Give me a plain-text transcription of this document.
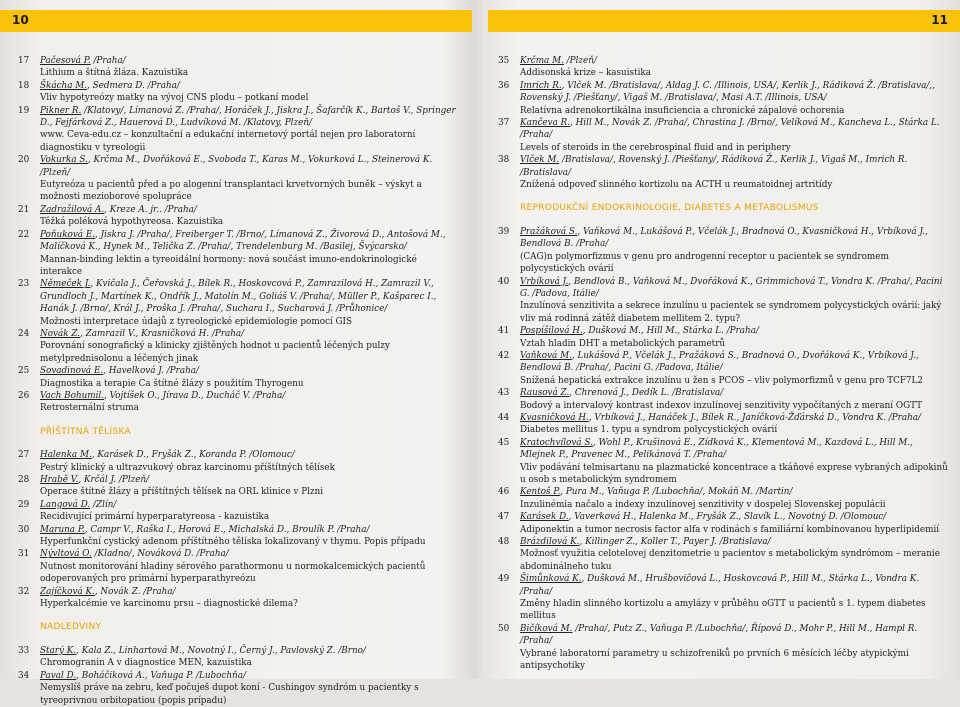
10	11
17	Pačesová P. /Praha/
Lithium a štítná žláza. Kazuistika
18	Škácha M., Sedmera D. /Praha/
Vliv hypotyreózy matky na vývoj CNS plodu – potkaní model
19	Pikner R. /Klatovy/, Límanová Z. /Praha/, Horáček J., Jiskra J., Šafarčík K., Bartoš V., Springer D., Fejfárková Z., Hauerová D., Ludvíková M. /Klatovy, Plzeň/
www. Ceva-edu.cz – konzultační a edukační internetový portál nejen pro laboratorní diagnostiku v tyreologii
20	Vokurka S., Krčma M., Dvořáková E., Svoboda T., Karas M., Vokurková L., Steinerová K. /Plzeň/
Eutyreóza u pacientů před a po alogenní transplantaci krvetvorných buněk – výskyt a možnosti mezioborové spolupráce
21	Zadražilová A., Kreze A. jr.. /Praha/
Těžká poléková hypothyreosa. Kazuistika
22	Poňuková E., Jiskra J. /Praha/, Freiberger T. /Brno/, Límanová Z., Živorová D., Antošová M., Malíčková K., Hynek M., Telička Z. /Praha/, Trendelenburg M. /Basilej, Švýcarsko/
Mannan-binding lektin a tyreoidální hormony: nová součást imuno-endokrinologické interakce
23	Němeček J., Kvičala J., Čeřovská J., Bílek R., Hoskovcová P., Zamrazilová H., Zamrazil V., Grundloch J., Martínek K., Ondřík J., Matolín M., Goliáš V. /Praha/, Müller P., Kašparec I., Hanák J. /Brno/, Král J., Proška J. /Praha/, Suchara I., Sucharová J. /Průhonice/
Možnosti interpretace údajů z tyreologické epidemiologie pomocí GIS
24	Novák Z., Zamrazil V., Krasničková H. /Praha/
Porovnání sonografický a klinicky zjištěných hodnot u pacientů léčených pulzy metylprednisolonu a léčených jinak
25	Sovadinová E., Havelková J. /Praha/
Diagnostika a terapie Ca štítné žlázy s použitím Thyrogenu
26	Vach Bohumil., Vojtíšek O., Jírava D., Ducháč V. /Praha/
Retrosternální struma
PŘÍŠTÍTNÁ TĚLÍSKA
27	Halenka M., Karásek D., Fryšák Z., Koranda P. /Olomouc/
Pestrý klinický a ultrazvukový obraz karcinomu příštítných tělísek
28	Hrabě V., Krčál J. /Plzeň/
Operace štítné žlázy a příštítných tělísek na ORL klinice v Plzni
29	Langová D. /Zlín/
Recidivující primární hyperparatyreosa - kazuistika
30	Maruna P., Campr V., Raška I., Horová E., Michalská D., Broulík P. /Praha/
Hyperfunkční cystický adenom příštítného tělíska lokalizovaný v thymu. Popis případu
31	Nývltová O. /Kladno/, Nováková D. /Praha/
Nutnost monitorování hladiny sérového parathormonu u normokalcemických pacientů odoperovaných pro primární hyperparathyreózu
32	Zajíčková K., Novák Z. /Praha/
Hyperkalcémie ve karcinomu prsu – diagnostické dilema?
NADLEDVINY
33	Starý K., Kala Z., Linhartová M., Novotný I., Černý J., Pavlovský Z. /Brno/
Chromogranin A v diagnostice MEN, kazuistika
34	Paval D., Boháčiková A., Vaňuga P. /Lubochňa/
Nemyslíš práve na zebru, keď počuješ dupot koní - Cushingov syndróm u pacientky s tyreoprivnou orbitopatiou (popis prípadu)
35	Krčma M. /Plzeň/
Addisonská krize – kasuistika
36	Imrich R., Vlček M. /Bratislava/, Aldag J. C. /Illinois, USA/, Kerlik J., Rádiková Ž. /Bratislava/,, Rovenský J. /Piešťany/, Vigaš M. /Bratislava/, Masi A.T. /Illinois, USA/
Relatívna adrenokortikálna insuficiencia a chronické zápalové ochorenia
37	Kančeva R., Hill M., Novák Z. /Praha/, Chrastina J. /Brno/, Velíková M., Kancheva L., Stárka L. /Praha/
Levels of steroids in the cerebrospinal fluid and in periphery
38	Vlček M. /Bratislava/, Rovenský J. /Piešťany/, Rádiková Ž., Kerlik J., Vigaš M., Imrich R. /Bratislava/
Znížená odpoveď slinného kortizolu na ACTH u reumatoidnej artritídy
REPRODUKČNÍ ENDOKRINOLOGIE, DIABETES A METABOLISMUS
39	Pražáková S., Vaňková M., Lukášová P., Včelák J., Bradnová O., Kvasničková H., Vrbíková J., Bendlová B. /Praha/
(CAG)n polymorfizmus v genu pro androgenní receptor u pacientek se syndromem polycystických ovárií
40	Vrbíková J., Bendlová B., Vaňková M., Dvořáková K., Grimmichová T., Vondra K. /Praha/, Pacini G. /Padova, Itálie/
Inzulínová senzitivita a sekrece inzulínu u pacientek se syndromem polycystických ovárií: jaký vliv má rodinná zátěž diabetem mellitem 2. typu?
41	Pospíšilová H., Dušková M., Hill M., Stárka L. /Praha/
Vztah hladin DHT a metabolických parametrů
42	Vaňková M., Lukášová P., Včelák J., Pražáková S., Bradnová O., Dvořáková K., Vrbíková J., Bendlová B. /Praha/, Pacini G. /Padova, Itálie/
Snížená hepatická extrakce inzulínu u žen s PCOS – vliv polymorfizmů v genu pro TCF7L2
43	Rausová Z., Chrenová J., Dedík L. /Bratislava/
Bodový a intervalový kontrast indexov inzulínovej senzitivity vypočítaných z meraní OGTT
44	Kvasničková H., Vrbíková J., Hanáček J., Bílek R., Janíčková-Žďárská D., Vondra K. /Praha/
Diabetes mellitus 1. typu a syndrom polycystických ovárií
45	Kratochvílová S., Wohl P., Krušinová E., Zídková K., Klementová M., Kazdová L., Hill M., Mlejnek P., Pravenec M., Pelikánová T. /Praha/
Vliv podávání telmisartanu na plazmatické koncentrace a tkáňové exprese vybraných adipokinů u osob s metabolickým syndromem
46	Kentoš P., Pura M., Vaňuga P. /Lubochňa/, Mokáň M. /Martin/
Inzulinémia načalo a indexy inzulínovej senzitivity v dospelej Slovenskej populácii
47	Karásek D., Vaverková H., Halenka M., Fryšák Z., Slavík L., Novotný D. /Olomouc/
Adiponektin a tumor necrosis factor alfa v rodinách s familiární kombinovanou hyperlipidemií
48	Brázdilová K., Killinger Z., Koller T., Payer J. /Bratislava/
Možnosť využitia celotelovej denzitometrie u pacientov s metabolickým syndrómom – meranie abdominálneho tuku
49	Šimůnková K., Dušková M., Hrušbovičová L., Hoskovcová P., Hill M., Stárka L., Vondra K. /Praha/
Změny hladin slinného kortizolu a amylázy v průběhu oGTT u pacientů s 1. typem diabetes mellitus
50	Bičíková M. /Praha/, Putz Z., Vaňuga P. /Lubochňa/, Řípová D., Mohr P., Hill M., Hampl R. /Praha/
Vybrané laboratorní parametry u schizofreniků po prvních 6 měsících léčby atypickými antipsychotiky
